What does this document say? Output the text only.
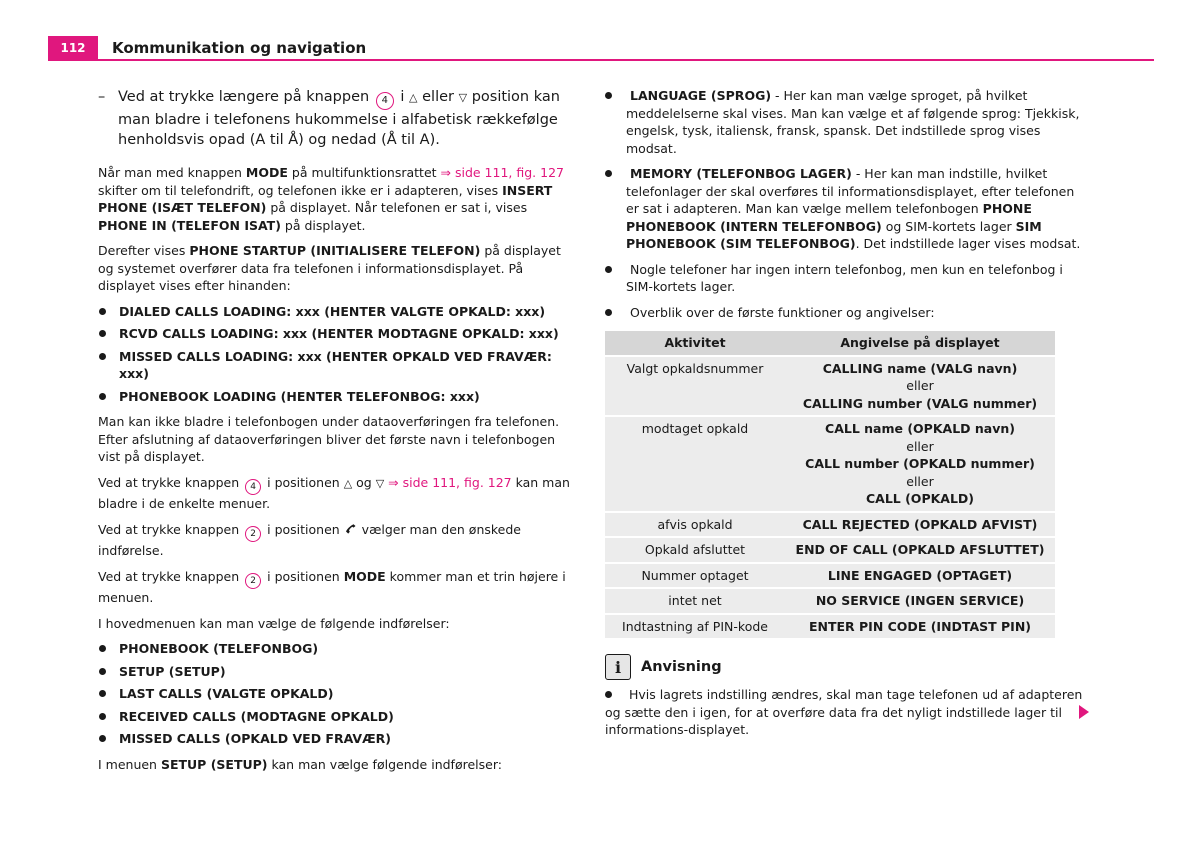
112	Kommunikation og navigation
– Ved at trykke længere på knappen 4 i △ eller ▽ position kan man bladre i telefonens hukommelse i alfabetisk rækkefølge henholdsvis opad (A til Å) og nedad (Å til A).

Når man med knappen MODE på multifunktionsrattet ⇒ side 111, fig. 127 skifter om til telefondrift, og telefonen ikke er i adapteren, vises INSERT PHONE (ISÆT TELEFON) på displayet. Når telefonen er sat i, vises PHONE IN (TELEFON ISAT) på displayet.

Derefter vises PHONE STARTUP (INITIALISERE TELEFON) på displayet og systemet overfører data fra telefonen i informationsdisplayet. På displayet vises efter hinanden:

DIALED CALLS LOADING: xxx (HENTER VALGTE OPKALD: xxx)
RCVD CALLS LOADING: xxx (HENTER MODTAGNE OPKALD: xxx)
MISSED CALLS LOADING: xxx (HENTER OPKALD VED FRAVÆR: xxx)
PHONEBOOK LOADING (HENTER TELEFONBOG: xxx)

Man kan ikke bladre i telefonbogen under dataoverføringen fra telefonen. Efter afslutning af dataoverføringen bliver det første navn i telefonbogen vist på displayet.

Ved at trykke knappen 4 i positionen △ og ▽ ⇒ side 111, fig. 127 kan man bladre i de enkelte menuer.

Ved at trykke knappen 2 i positionen vælger man den ønskede indførelse.

Ved at trykke knappen 2 i positionen MODE kommer man et trin højere i menuen.

I hovedmenuen kan man vælge de følgende indførelser:

PHONEBOOK (TELEFONBOG)
SETUP (SETUP)
LAST CALLS (VALGTE OPKALD)
RECEIVED CALLS (MODTAGNE OPKALD)
MISSED CALLS (OPKALD VED FRAVÆR)

I menuen SETUP (SETUP) kan man vælge følgende indførelser:

LANGUAGE (SPROG) - Her kan man vælge sproget, på hvilket meddelelserne skal vises. Man kan vælge et af følgende sprog: Tjekkisk, engelsk, tysk, italiensk, fransk, spansk. Det indstillede sprog vises modsat.

MEMORY (TELEFONBOG LAGER) - Her kan man indstille, hvilket telefonlager der skal overføres til informationsdisplayet, efter telefonen er sat i adapteren. Man kan vælge mellem telefonbogen PHONE PHONEBOOK (INTERN TELEFONBOG) og SIM-kortets lager SIM PHONEBOOK (SIM TELEFONBOG). Det indstillede lager vises modsat.

Nogle telefoner har ingen intern telefonbog, men kun en telefonbog i SIM-kortets lager.

Overblik over de første funktioner og angivelser:

Aktivitet	Angivelse på displayet
Valgt opkaldsnummer	CALLING name (VALG navn)
eller
CALLING number (VALG nummer)

modtaget opkald	CALL name (OPKALD navn)
eller
CALL number (OPKALD nummer)
eller
CALL (OPKALD)

afvis opkald	CALL REJECTED (OPKALD AFVIST)
Opkald afsluttet	END OF CALL (OPKALD AFSLUTTET)
Nummer optaget	LINE ENGAGED (OPTAGET)
intet net	NO SERVICE (INGEN SERVICE)
Indtastning af PIN-kode	ENTER PIN CODE (INDTAST PIN)
i	Anvisning

Hvis lagrets indstilling ændres, skal man tage telefonen ud af adapteren og sætte den i igen, for at overføre data fra det nyligt indstillede lager til informations-displayet.
